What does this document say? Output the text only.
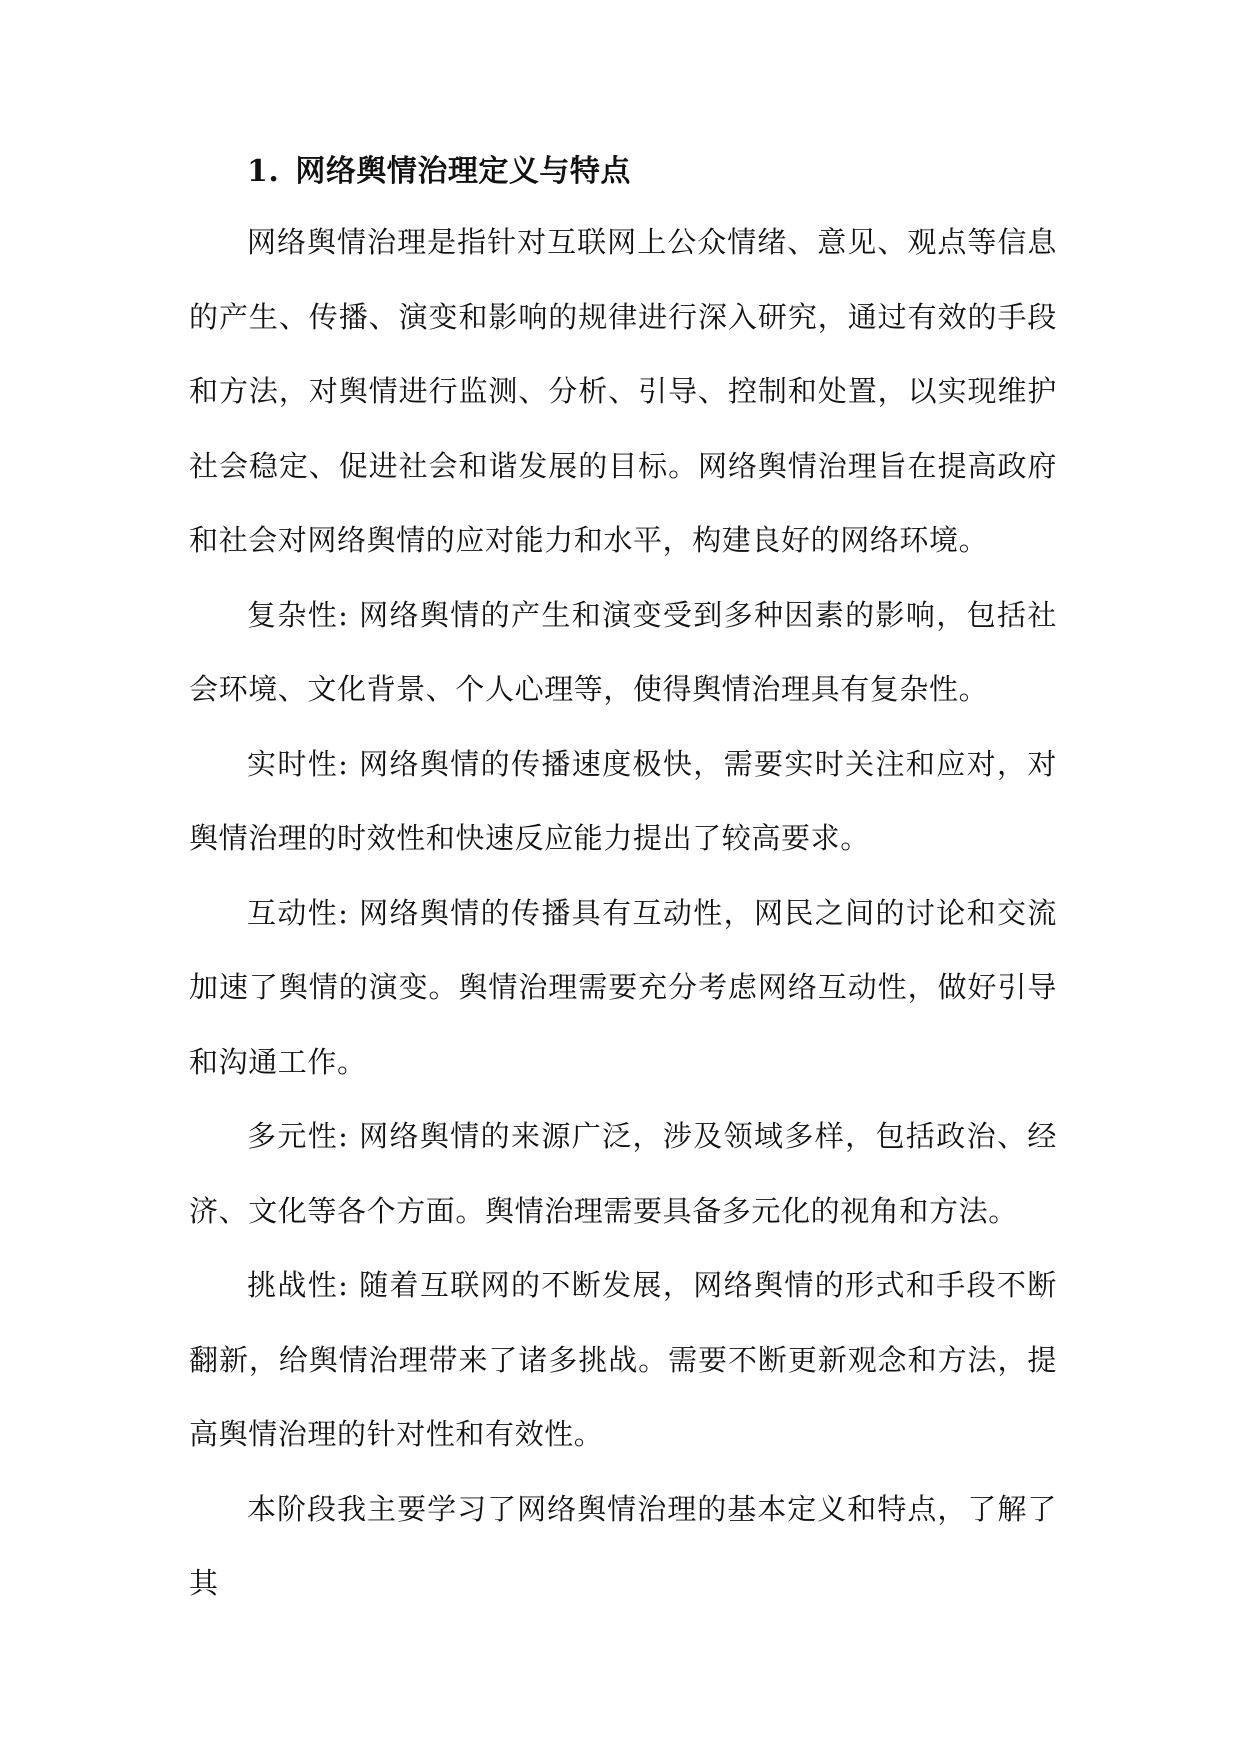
1. 网络舆情治理定义与特点

网络舆情治理是指针对互联网上公众情绪、意见、观点等信息的产生、传播、演变和影响的规律进行深入研究，通过有效的手段和方法，对舆情进行监测、分析、引导、控制和处置，以实现维护社会稳定、促进社会和谐发展的目标。网络舆情治理旨在提高政府和社会对网络舆情的应对能力和水平，构建良好的网络环境。

复杂性: 网络舆情的产生和演变受到多种因素的影响，包括社会环境、文化背景、个人心理等，使得舆情治理具有复杂性。

实时性: 网络舆情的传播速度极快，需要实时关注和应对，对舆情治理的时效性和快速反应能力提出了较高要求。

互动性: 网络舆情的传播具有互动性，网民之间的讨论和交流加速了舆情的演变。舆情治理需要充分考虑网络互动性，做好引导和沟通工作。

多元性: 网络舆情的来源广泛，涉及领域多样，包括政治、经济、文化等各个方面。舆情治理需要具备多元化的视角和方法。

挑战性: 随着互联网的不断发展，网络舆情的形式和手段不断翻新，给舆情治理带来了诸多挑战。需要不断更新观念和方法，提高舆情治理的针对性和有效性。

本阶段我主要学习了网络舆情治理的基本定义和特点，了解了其
